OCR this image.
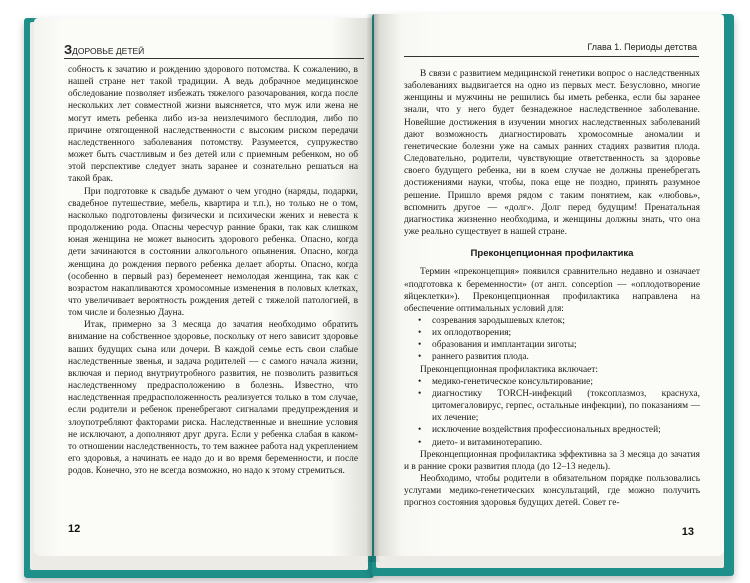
ЗДОРОВЬЕ ДЕТЕЙ

собность к зачатию и рождению здорового потомства. К сожалению, в нашей стране нет такой традиции. А ведь добрачное медицинское обследование позволяет избежать тяжелого разочарования, когда после нескольких лет совместной жизни выясняется, что муж или жена не могут иметь ребенка либо из-за неизлечимого бесплодия, либо по причине отягощенной наследственности с высоким риском передачи наследственного заболевания потомству. Разумеется, супружество может быть счастливым и без детей или с приемным ребенком, но об этой перспективе следует знать заранее и сознательно решаться на такой брак.

При подготовке к свадьбе думают о чем угодно (наряды, подарки, свадебное путешествие, мебель, квартира и т.п.), но только не о том, насколько подготовлены физически и психически жених и невеста к продолжению рода. Опасны чересчур ранние браки, так как слишком юная женщина не может выносить здорового ребенка. Опасно, когда дети зачинаются в состоянии алкогольного опьянения. Опасно, когда женщина до рождения первого ребенка делает аборты. Опасно, когда (особенно в первый раз) беременеет немолодая женщина, так как с возрастом накапливаются хромосомные изменения в половых клетках, что увеличивает вероятность рождения детей с тяжелой патологией, в том числе и болезнью Дауна.

Итак, примерно за 3 месяца до зачатия необходимо обратить внимание на собственное здоровье, поскольку от него зависит здоровье ваших будущих сына или дочери. В каждой семье есть свои слабые наследственные звенья, и задача родителей — с самого начала жизни, включая и период внутриутробного развития, не позволить развиться наследственному предрасположению в болезнь. Известно, что наследственная предрасположенность реализуется только в том случае, если родители и ребенок пренебрегают сигналами предупреждения и злоупотребляют факторами риска. Наследственные и внешние условия не исключают, а дополняют друг друга. Если у ребенка слабая в каком-то отношении наследственность, то тем важнее работа над укреплением его здоровья, а начинать ее надо до и во время беременности, и после родов. Конечно, это не всегда возможно, но надо к этому стремиться.

12
Глава 1. Периоды детства

В связи с развитием медицинской генетики вопрос о наследственных заболеваниях выдвигается на одно из первых мест. Безусловно, многие женщины и мужчины не решились бы иметь ребенка, если бы заранее знали, что у него будет безнадежное наследственное заболевание. Новейшие достижения в изучении многих наследственных заболеваний дают возможность диагностировать хромосомные аномалии и генетические болезни уже на самых ранних стадиях развития плода. Следовательно, родители, чувствующие ответственность за здоровье своего будущего ребенка, ни в коем случае не должны пренебрегать достижениями науки, чтобы, пока еще не поздно, принять разумное решение. Пришло время рядом с таким понятием, как «любовь», вспомнить другое — «долг». Долг перед будущим! Пренатальная диагностика жизненно необходима, и женщины должны знать, что она уже реально существует в нашей стране.

Преконцепционная профилактика

Термин «преконцепция» появился сравнительно недавно и означает «подготовка к беременности» (от англ. conception — «оплодотворение яйцеклетки»). Преконцепционная профилактика направлена на обеспечение оптимальных условий для:

• созревания зародышевых клеток;
• их оплодотворения;
• образования и имплантации зиготы;
• раннего развития плода.

Преконцепционная профилактика включает:

• медико-генетическое консультирование;
• диагностику TORCH-инфекций (токсоплазмоз, краснуха, цитомегаловирус, герпес, остальные инфекции), по показаниям — их лечение;
• исключение воздействия профессиональных вредностей;
• дието- и витаминотерапию.

Преконцепционная профилактика эффективна за 3 месяца до зачатия и в ранние сроки развития плода (до 12–13 недель).

Необходимо, чтобы родители в обязательном порядке пользовались услугами медико-генетических консультаций, где можно получить прогноз состояния здоровья будущих детей. Совет ге-

13
